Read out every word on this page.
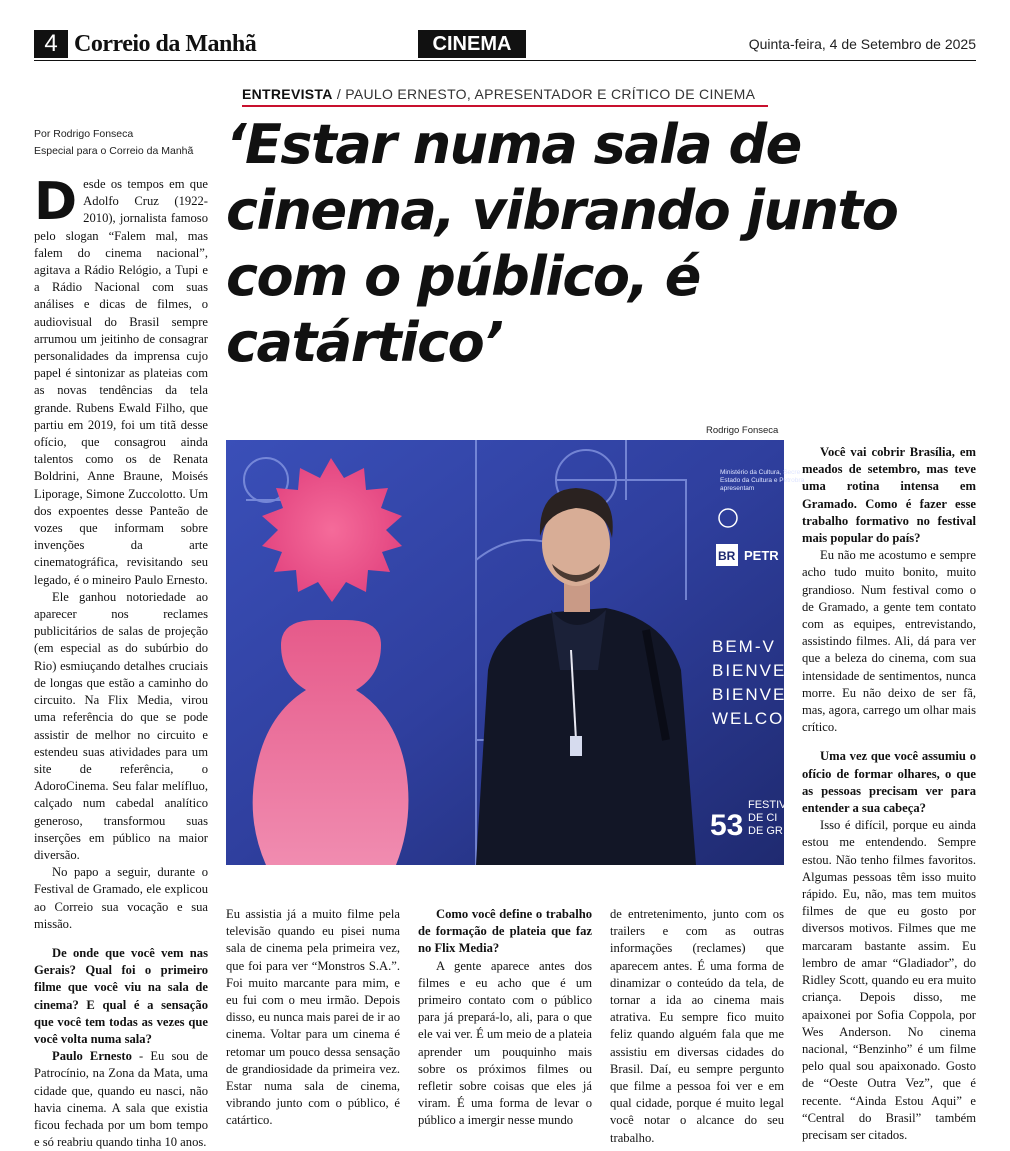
4 Correio da Manhã	CINEMA	Quinta-feira, 4 de Setembro de 2025
ENTREVISTA / PAULO ERNESTO, APRESENTADOR E CRÍTICO DE CINEMA
Por Rodrigo Fonseca
Especial para o Correio da Manhã ‘Estar numa sala de cinema, vibrando junto com o público, é catártico’
Rodrigo Fonseca
BEM-V
BIENVE
BIENVE
WELCO
Ministério da Cultura, Secre
Estado da Cultura e Petrobra
apresentam
BR PETR
53
FESTIV
DE CI
DE GR

Desde os tempos em que Adolfo Cruz (1922-2010), jornalista famoso pelo slogan “Falem mal, mas falem do cinema nacional”, agitava a Rádio Relógio, a Tupi e a Rádio Nacional com suas análises e dicas de filmes, o audiovisual do Brasil sempre arrumou um jeitinho de consagrar personalidades da imprensa cujo papel é sintonizar as plateias com as novas tendências da tela grande. Rubens Ewald Filho, que partiu em 2019, foi um titã desse ofício, que consagrou ainda talentos como os de Renata Boldrini, Anne Braune, Moisés Liporage, Simone Zuccolotto. Um dos expoentes desse Panteão de vozes que informam sobre invenções da arte cinematográfica, revisitando seu legado, é o mineiro Paulo Ernesto.

Ele ganhou notoriedade ao aparecer nos reclames publicitários de salas de projeção (em especial as do subúrbio do Rio) esmiuçando detalhes cruciais de longas que estão a caminho do circuito. Na Flix Media, virou uma referência do que se pode assistir de melhor no circuito e estendeu suas atividades para um site de referência, o AdoroCinema. Seu falar melífluo, calçado num cabedal analítico generoso, transformou suas inserções em público na maior diversão.

No papo a seguir, durante o Festival de Gramado, ele explicou ao Correio sua vocação e sua missão.

De onde que você vem nas Gerais? Qual foi o primeiro filme que você viu na sala de cinema? E qual é a sensação que você tem todas as vezes que você volta numa sala?

Paulo Ernesto - Eu sou de Patrocínio, na Zona da Mata, uma cidade que, quando eu nasci, não havia cinema. A sala que existia ficou fechada por um bom tempo e só reabriu quando tinha 10 anos.

Eu assistia já a muito filme pela televisão quando eu pisei numa sala de cinema pela primeira vez, que foi para ver “Monstros S.A.”. Foi muito marcante para mim, e eu fui com o meu irmão. Depois disso, eu nunca mais parei de ir ao cinema. Voltar para um cinema é retomar um pouco dessa sensação de grandiosidade da primeira vez. Estar numa sala de cinema, vibrando junto com o público, é catártico.

Como você define o trabalho de formação de plateia que faz no Flix Media?

A gente aparece antes dos filmes e eu acho que é um primeiro contato com o público para já prepará-lo, ali, para o que ele vai ver. É um meio de a plateia aprender um pouquinho mais sobre os próximos filmes ou refletir sobre coisas que eles já viram. É uma forma de levar o público a imergir nesse mundo

de entretenimento, junto com os trailers e com as outras informações (reclames) que aparecem antes. É uma forma de dinamizar o conteúdo da tela, de tornar a ida ao cinema mais atrativa. Eu sempre fico muito feliz quando alguém fala que me assistiu em diversas cidades do Brasil. Daí, eu sempre pergunto que filme a pessoa foi ver e em qual cidade, porque é muito legal você notar o alcance do seu trabalho.

Você vai cobrir Brasília, em meados de setembro, mas teve uma rotina intensa em Gramado. Como é fazer esse trabalho formativo no festival mais popular do país?

Eu não me acostumo e sempre acho tudo muito bonito, muito grandioso. Num festival como o de Gramado, a gente tem contato com as equipes, entrevistando, assistindo filmes. Ali, dá para ver que a beleza do cinema, com sua intensidade de sentimentos, nunca morre. Eu não deixo de ser fã, mas, agora, carrego um olhar mais crítico.

Uma vez que você assumiu o ofício de formar olhares, o que as pessoas precisam ver para entender a sua cabeça?

Isso é difícil, porque eu ainda estou me entendendo. Sempre estou. Não tenho filmes favoritos. Algumas pessoas têm isso muito rápido. Eu, não, mas tem muitos filmes de que eu gosto por diversos motivos. Filmes que me marcaram bastante assim. Eu lembro de amar “Gladiador”, do Ridley Scott, quando eu era muito criança. Depois disso, me apaixonei por Sofia Coppola, por Wes Anderson. No cinema nacional, “Benzinho” é um filme pelo qual sou apaixonado. Gosto de “Oeste Outra Vez”, que é recente. “Ainda Estou Aqui” e “Central do Brasil” também precisam ser citados.
